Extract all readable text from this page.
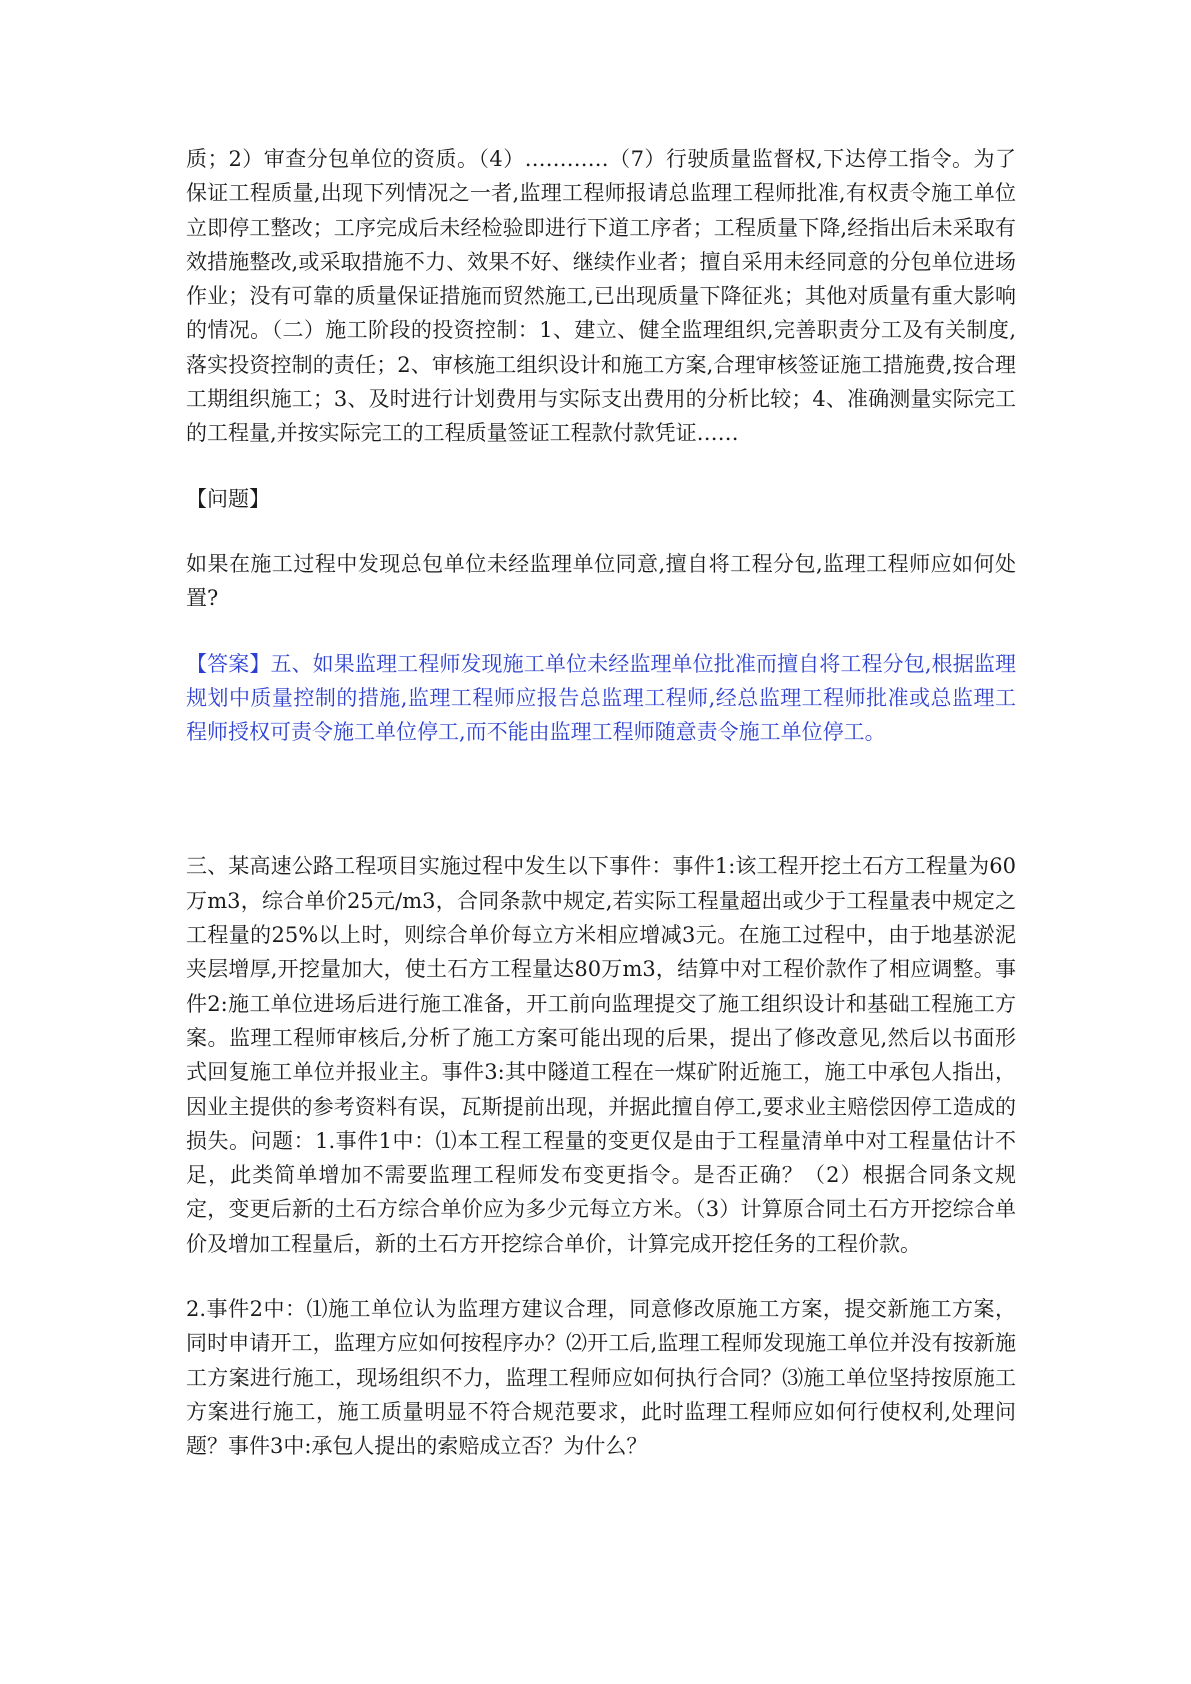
质；2）审查分包单位的资质。（4）…………（7）行驶质量监督权,下达停工指令。为了保证工程质量,出现下列情况之一者,监理工程师报请总监理工程师批准,有权责令施工单位立即停工整改；工序完成后未经检验即进行下道工序者；工程质量下降,经指出后未采取有效措施整改,或采取措施不力、效果不好、继续作业者；擅自采用未经同意的分包单位进场作业；没有可靠的质量保证措施而贸然施工,已出现质量下降征兆；其他对质量有重大影响的情况。（二）施工阶段的投资控制：1、建立、健全监理组织,完善职责分工及有关制度,落实投资控制的责任；2、审核施工组织设计和施工方案,合理审核签证施工措施费,按合理工期组织施工；3、及时进行计划费用与实际支出费用的分析比较；4、准确测量实际完工的工程量,并按实际完工的工程质量签证工程款付款凭证……

【问题】

如果在施工过程中发现总包单位未经监理单位同意,擅自将工程分包,监理工程师应如何处置?

【答案】五、如果监理工程师发现施工单位未经监理单位批准而擅自将工程分包,根据监理规划中质量控制的措施,监理工程师应报告总监理工程师,经总监理工程师批准或总监理工程师授权可责令施工单位停工,而不能由监理工程师随意责令施工单位停工。

三、某高速公路工程项目实施过程中发生以下事件：事件1:该工程开挖土石方工程量为60万m3，综合单价25元/m3，合同条款中规定,若实际工程量超出或少于工程量表中规定之工程量的25%以上时，则综合单价每立方米相应增减3元。在施工过程中，由于地基淤泥夹层增厚,开挖量加大，使土石方工程量达80万m3，结算中对工程价款作了相应调整。事件2:施工单位进场后进行施工准备，开工前向监理提交了施工组织设计和基础工程施工方案。监理工程师审核后,分析了施工方案可能出现的后果，提出了修改意见,然后以书面形式回复施工单位并报业主。事件3:其中隧道工程在一煤矿附近施工，施工中承包人指出，因业主提供的参考资料有误，瓦斯提前出现，并据此擅自停工,要求业主赔偿因停工造成的损失。问题：1.事件1中：⑴本工程工程量的变更仅是由于工程量清单中对工程量估计不足，此类简单增加不需要监理工程师发布变更指令。是否正确？（2）根据合同条文规定，变更后新的土石方综合单价应为多少元每立方米。（3）计算原合同土石方开挖综合单价及增加工程量后，新的土石方开挖综合单价，计算完成开挖任务的工程价款。

2.事件2中：⑴施工单位认为监理方建议合理，同意修改原施工方案，提交新施工方案，同时申请开工，监理方应如何按程序办？⑵开工后,监理工程师发现施工单位并没有按新施工方案进行施工，现场组织不力，监理工程师应如何执行合同？⑶施工单位坚持按原施工方案进行施工，施工质量明显不符合规范要求，此时监理工程师应如何行使权利,处理问题？事件3中:承包人提出的索赔成立否？为什么？
